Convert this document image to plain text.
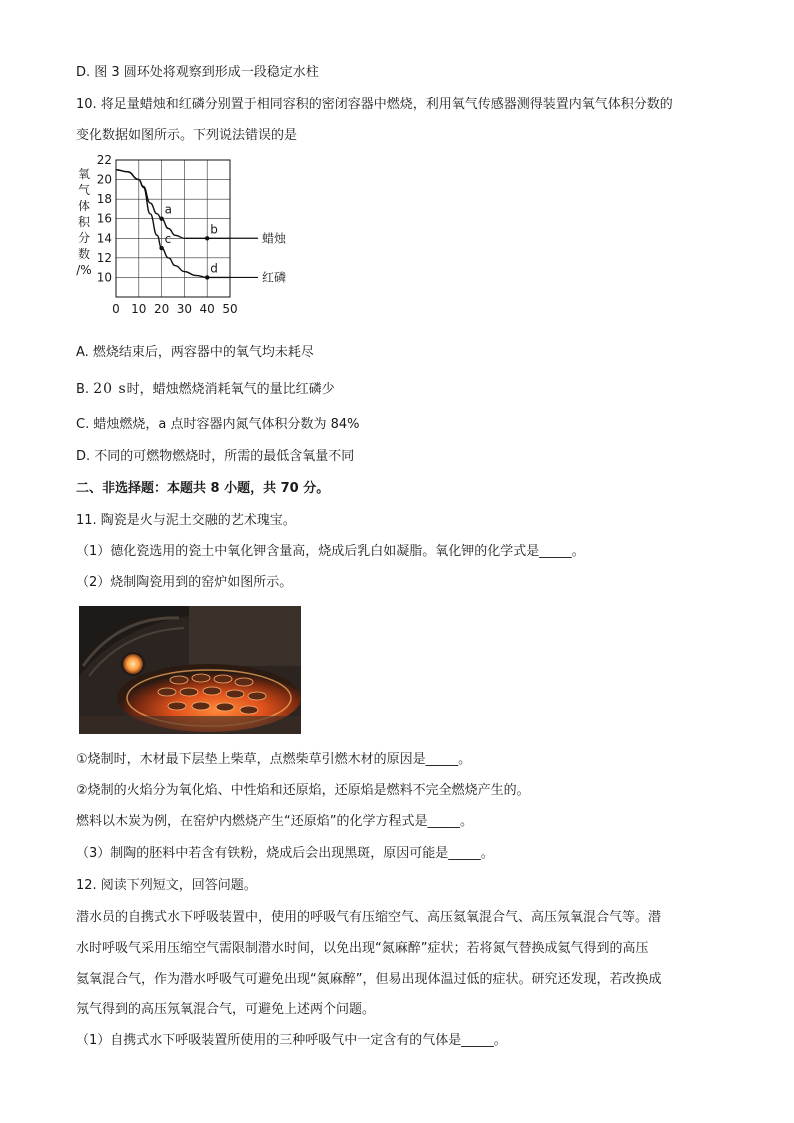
D. 图 3 圆环处将观察到形成一段稳定水柱
10. 将足量蜡烛和红磷分别置于相同容积的密闭容器中燃烧，利用氧气传感器测得装置内氧气体积分数的
变化数据如图所示。下列说法错误的是
氧
气
体
积
分
数
/%
10
12
14
16
18
20
22
0 10 20 30 40 50
蜡烛
红磷
a
b
c
d
A. 燃烧结束后，两容器中的氧气均未耗尽
B. 20 s时，蜡烛燃烧消耗氧气的量比红磷少
C. 蜡烛燃烧，a 点时容器内氮气体积分数为 84%
D. 不同的可燃物燃烧时，所需的最低含氧量不同
二、非选择题：本题共 8 小题，共 70 分。
11. 陶瓷是火与泥土交融的艺术瑰宝。
（1）德化瓷选用的瓷土中氧化钾含量高，烧成后乳白如凝脂。氧化钾的化学式是_____。
（2）烧制陶瓷用到的窑炉如图所示。
①烧制时，木材最下层垫上柴草，点燃柴草引燃木材的原因是_____。
②烧制的火焰分为氧化焰、中性焰和还原焰，还原焰是燃料不完全燃烧产生的。
燃料以木炭为例，在窑炉内燃烧产生“还原焰”的化学方程式是_____。
（3）制陶的胚料中若含有铁粉，烧成后会出现黑斑，原因可能是_____。
12. 阅读下列短文，回答问题。
潜水员的自携式水下呼吸装置中，使用的呼吸气有压缩空气、高压氦氧混合气、高压氖氧混合气等。潜
水时呼吸气采用压缩空气需限制潜水时间，以免出现“氮麻醉”症状；若将氮气替换成氦气得到的高压
氦氧混合气，作为潜水呼吸气可避免出现“氮麻醉”，但易出现体温过低的症状。研究还发现，若改换成
氖气得到的高压氖氧混合气，可避免上述两个问题。
（1）自携式水下呼吸装置所使用的三种呼吸气中一定含有的气体是_____。
